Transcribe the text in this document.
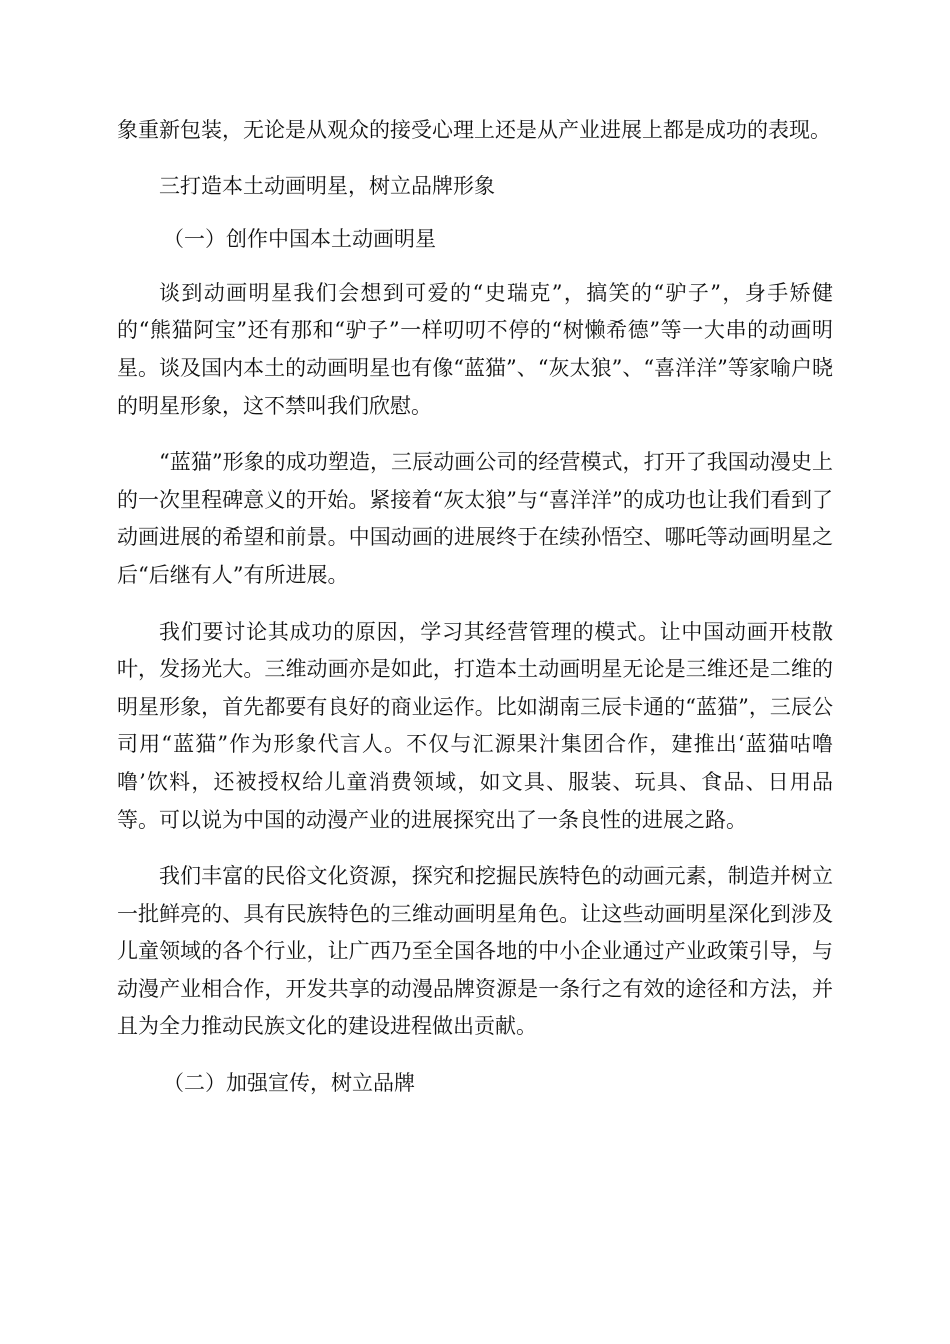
象重新包装，无论是从观众的接受心理上还是从产业进展上都是成功的表现。

三打造本土动画明星，树立品牌形象

（一）创作中国本土动画明星

谈到动画明星我们会想到可爱的“史瑞克”，搞笑的“驴子”，身手矫健的“熊猫阿宝”还有那和“驴子”一样叨叨不停的“树懒希德”等一大串的动画明星。谈及国内本土的动画明星也有像“蓝猫”、“灰太狼”、“喜洋洋”等家喻户晓的明星形象，这不禁叫我们欣慰。

“蓝猫”形象的成功塑造，三辰动画公司的经营模式，打开了我国动漫史上的一次里程碑意义的开始。紧接着“灰太狼”与“喜洋洋”的成功也让我们看到了动画进展的希望和前景。中国动画的进展终于在续孙悟空、哪吒等动画明星之后“后继有人”有所进展。

我们要讨论其成功的原因，学习其经营管理的模式。让中国动画开枝散叶，发扬光大。三维动画亦是如此，打造本土动画明星无论是三维还是二维的明星形象，首先都要有良好的商业运作。比如湖南三辰卡通的“蓝猫”，三辰公司用“蓝猫”作为形象代言人。不仅与汇源果汁集团合作，建推出‘蓝猫咕噜噜’饮料，还被授权给儿童消费领域，如文具、服装、玩具、食品、日用品等。可以说为中国的动漫产业的进展探究出了一条良性的进展之路。

我们丰富的民俗文化资源，探究和挖掘民族特色的动画元素，制造并树立一批鲜亮的、具有民族特色的三维动画明星角色。让这些动画明星深化到涉及儿童领域的各个行业，让广西乃至全国各地的中小企业通过产业政策引导，与动漫产业相合作，开发共享的动漫品牌资源是一条行之有效的途径和方法，并且为全力推动民族文化的建设进程做出贡献。

（二）加强宣传，树立品牌
